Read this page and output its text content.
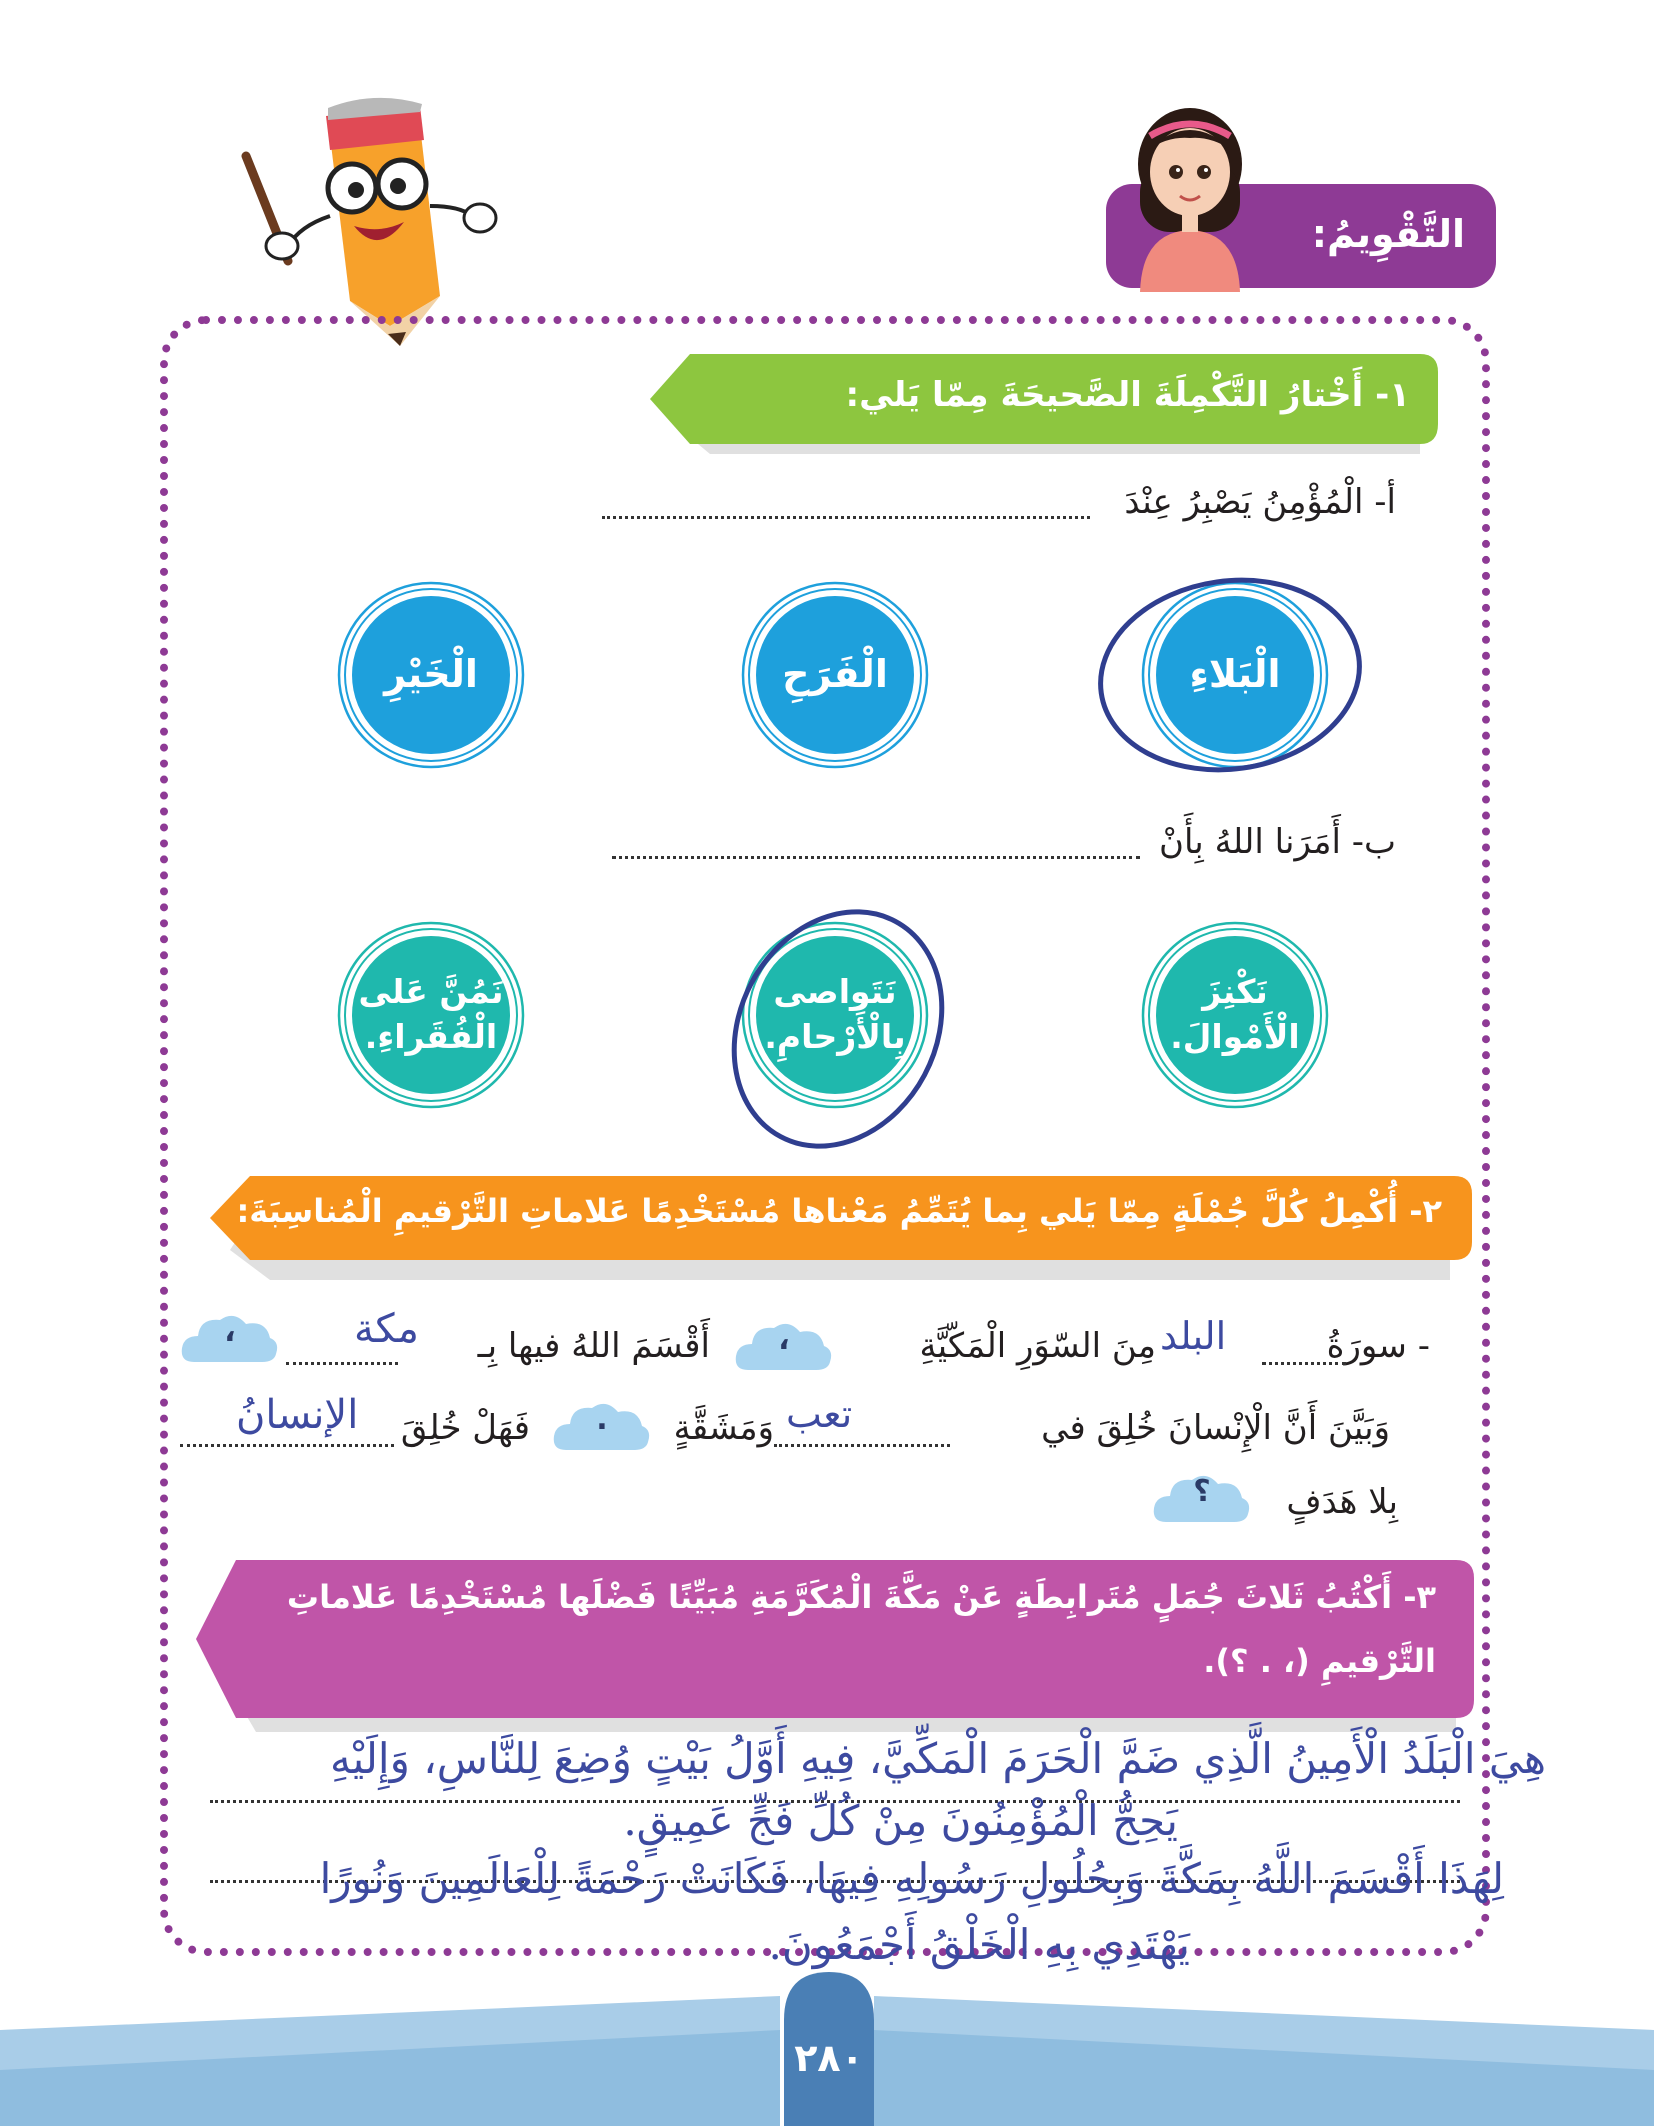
التَّقْوِيمُ:
١- أَخْتارُ التَّكْمِلَةَ الصَّحيحَةَ مِمّا يَلي:
أ- الْمُؤْمِنُ يَصْبِرُ عِنْدَ
الْبَلاءِ
الْفَرَحِ
الْخَيْرِ
ب- أَمَرَنا اللهُ بِأَنْ
نَكْنِزَ
الْأَمْوالَ.
نَتَواصى
بِالْأَرْحامِ.
نَمُنَّ عَلى
الْفُقَراءِ.
٢- أُكْمِلُ كُلَّ جُمْلَةٍ مِمّا يَلي بِما يُتَمِّمُ مَعْناها مُسْتَخْدِمًا عَلاماتِ التَّرْقيمِ الْمُناسِبَةَ:
- سورَةُ
مِنَ السّوَرِ الْمَكّيَّةِ
،
أَقْسَمَ اللهُ فيها بِـ
،	البلد
مكة
وَبَيَّنَ أَنَّ الْإِنْسانَ خُلِقَ في
وَمَشَقَّةٍ
.
فَهَلْ خُلِقَ	تعب
الإنسانُ
بِلا هَدَفٍ
؟
٣- أَكْتُبُ ثَلاثَ جُمَلٍ مُتَرابِطَةٍ عَنْ مَكَّةَ الْمُكَرَّمَةِ مُبَيِّنًا فَضْلَها مُسْتَخْدِمًا عَلاماتِ
التَّرْقيمِ (، . ؟).
هِيَ الْبَلَدُ الْأَمِينُ الَّذِي ضَمَّ الْحَرَمَ الْمَكِّيَّ، فِيهِ أَوَّلُ بَيْتٍ وُضِعَ لِلنَّاسِ، وَإِلَيْهِ
يَحِجُّ الْمُؤْمِنُونَ مِنْ كُلِّ فَجٍّ عَمِيقٍ.
لِهَذَا أَقْسَمَ اللَّهُ بِمَكَّةَ وَبِحُلُولِ رَسُولِهِ فِيهَا، فَكَانَتْ رَحْمَةً لِلْعَالَمِينَ وَنُورًا
يَهْتَدِي بِهِ الْخَلْقُ أَجْمَعُونَ.
٢٨٠
